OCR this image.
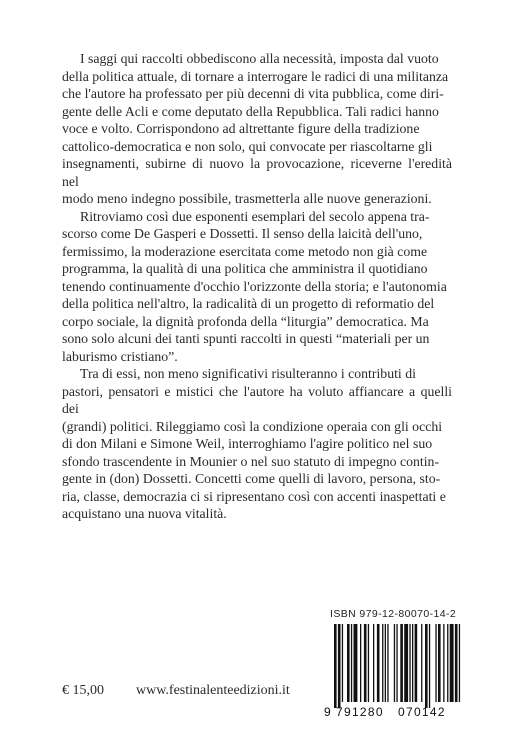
I saggi qui raccolti obbediscono alla necessità, imposta dal vuoto
della politica attuale, di tornare a interrogare le radici di una militanza
che l'autore ha professato per più decenni di vita pubblica, come diri-
gente delle Acli e come deputato della Repubblica. Tali radici hanno
voce e volto. Corrispondono ad altrettante figure della tradizione
cattolico-democratica e non solo, qui convocate per riascoltarne gli
insegnamenti, subirne di nuovo la provocazione, riceverne l'eredità nel
modo meno indegno possibile, trasmetterla alle nuove generazioni.
Ritroviamo così due esponenti esemplari del secolo appena tra-
scorso come De Gasperi e Dossetti. Il senso della laicità dell'uno,
fermissimo, la moderazione esercitata come metodo non già come
programma, la qualità di una politica che amministra il quotidiano
tenendo continuamente d'occhio l'orizzonte della storia; e l'autonomia
della politica nell'altro, la radicalità di un progetto di reformatio del
corpo sociale, la dignità profonda della “liturgia” democratica. Ma
sono solo alcuni dei tanti spunti raccolti in questi “materiali per un
laburismo cristiano”.
Tra di essi, non meno significativi risulteranno i contributi di
pastori, pensatori e mistici che l'autore ha voluto affiancare a quelli dei
(grandi) politici. Rileggiamo così la condizione operaia con gli occhi
di don Milani e Simone Weil, interroghiamo l'agire politico nel suo
sfondo trascendente in Mounier o nel suo statuto di impegno contin-
gente in (don) Dossetti. Concetti come quelli di lavoro, persona, sto-
ria, classe, democrazia ci si ripresentano così con accenti inaspettati e
acquistano una nuova vitalità.
ISBN 979-12-80070-14-2
9 791280 070142
€ 15,00 www.festinalenteedizioni.it
